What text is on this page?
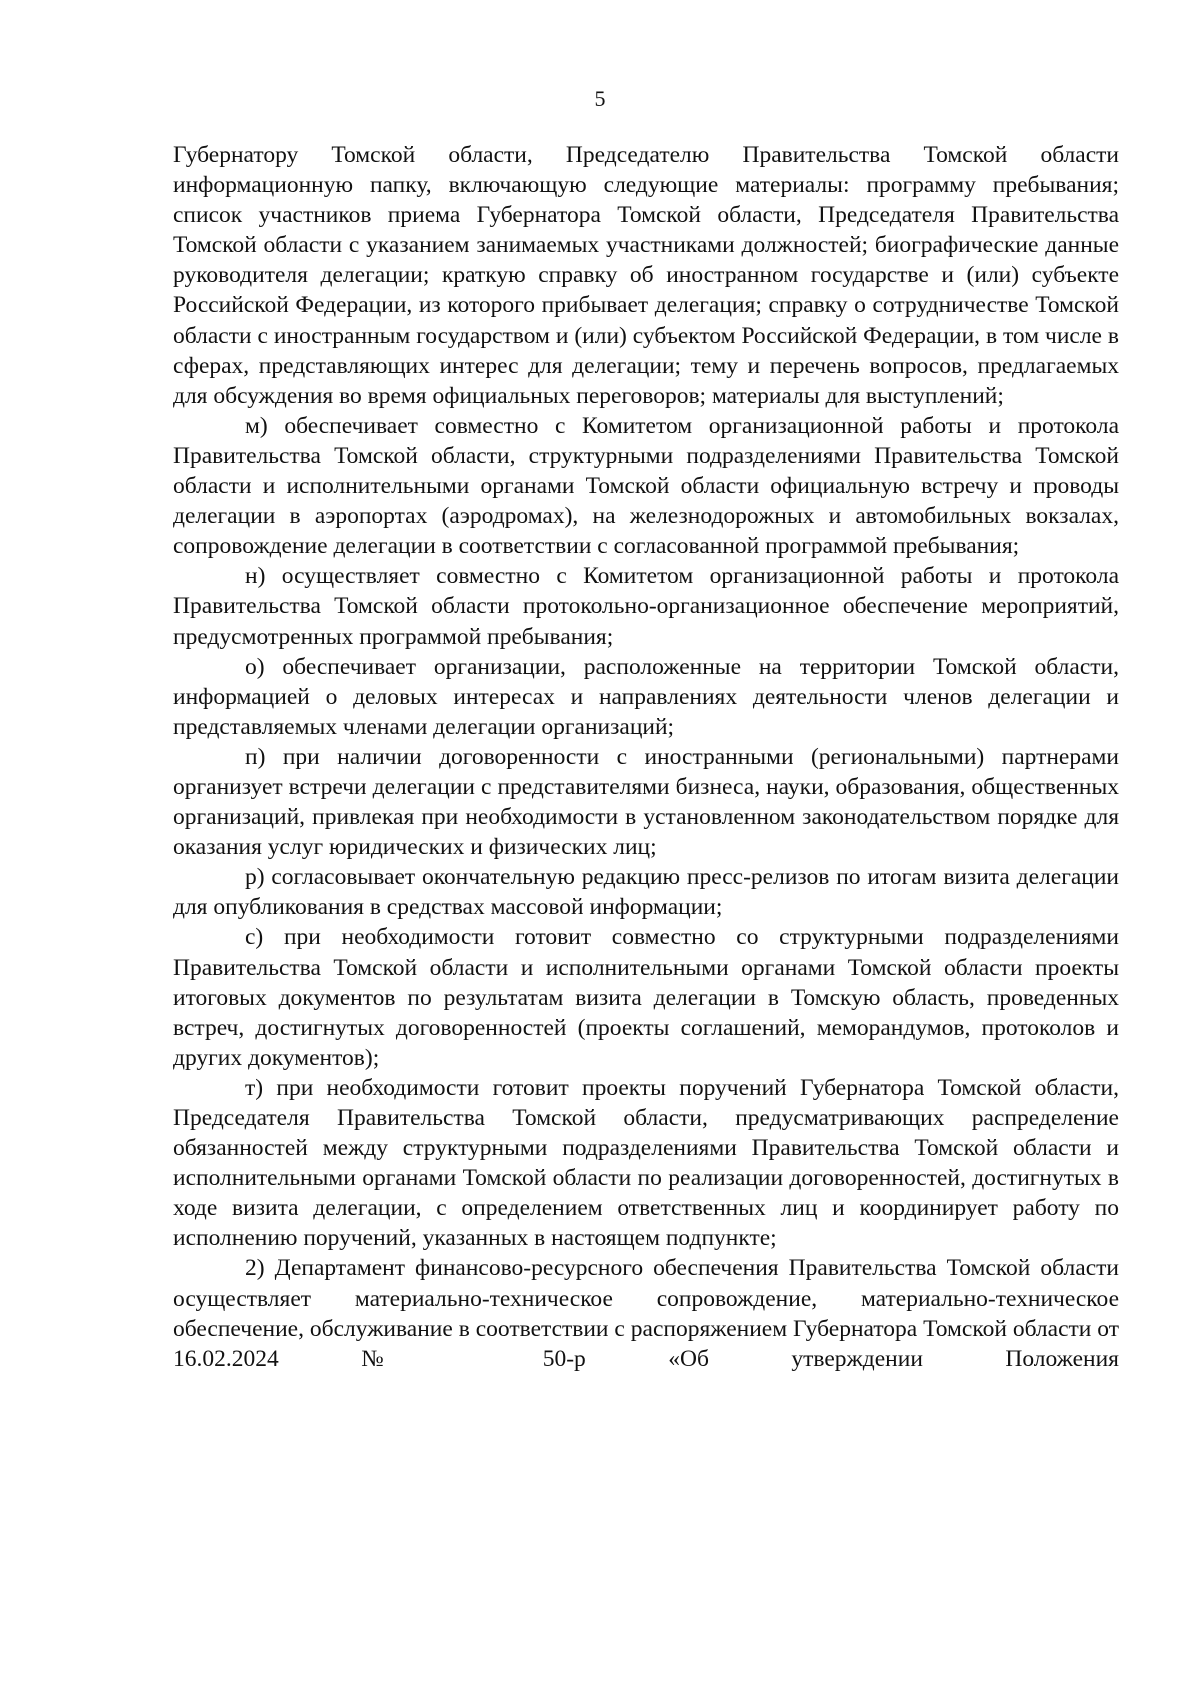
5

Губернатору Томской области, Председателю Правительства Томской области информационную папку, включающую следующие материалы: программу пребывания; список участников приема Губернатора Томской области, Председателя Правительства Томской области с указанием занимаемых участниками должностей; биографические данные руководителя делегации; краткую справку об иностранном государстве и (или) субъекте Российской Федерации, из которого прибывает делегация; справку о сотрудничестве Томской области с иностранным государством и (или) субъектом Российской Федерации, в том числе в сферах, представляющих интерес для делегации; тему и перечень вопросов, предлагаемых для обсуждения во время официальных переговоров; материалы для выступлений;

м) обеспечивает совместно с Комитетом организационной работы и протокола Правительства Томской области, структурными подразделениями Правительства Томской области и исполнительными органами Томской области официальную встречу и проводы делегации в аэропортах (аэродромах), на железнодорожных и автомобильных вокзалах, сопровождение делегации в соответствии с согласованной программой пребывания;

н) осуществляет совместно с Комитетом организационной работы и протокола Правительства Томской области протокольно-организационное обеспечение мероприятий, предусмотренных программой пребывания;

о) обеспечивает организации, расположенные на территории Томской области, информацией о деловых интересах и направлениях деятельности членов делегации и представляемых членами делегации организаций;

п) при наличии договоренности с иностранными (региональными) партнерами организует встречи делегации с представителями бизнеса, науки, образования, общественных организаций, привлекая при необходимости в установленном законодательством порядке для оказания услуг юридических и физических лиц;

р) согласовывает окончательную редакцию пресс-релизов по итогам визита делегации для опубликования в средствах массовой информации;

с) при необходимости готовит совместно со структурными подразделениями Правительства Томской области и исполнительными органами Томской области проекты итоговых документов по результатам визита делегации в Томскую область, проведенных встреч, достигнутых договоренностей (проекты соглашений, меморандумов, протоколов и других документов);

т) при необходимости готовит проекты поручений Губернатора Томской области, Председателя Правительства Томской области, предусматривающих распределение обязанностей между структурными подразделениями Правительства Томской области и исполнительными органами Томской области по реализации договоренностей, достигнутых в ходе визита делегации, с определением ответственных лиц и координирует работу по исполнению поручений, указанных в настоящем подпункте;

2) Департамент финансово-ресурсного обеспечения Правительства Томской области осуществляет материально-техническое сопровождение, материально-техническое обеспечение, обслуживание в соответствии с распоряжением Губернатора Томской области от 16.02.2024 № 50-р «Об утверждении Положения
